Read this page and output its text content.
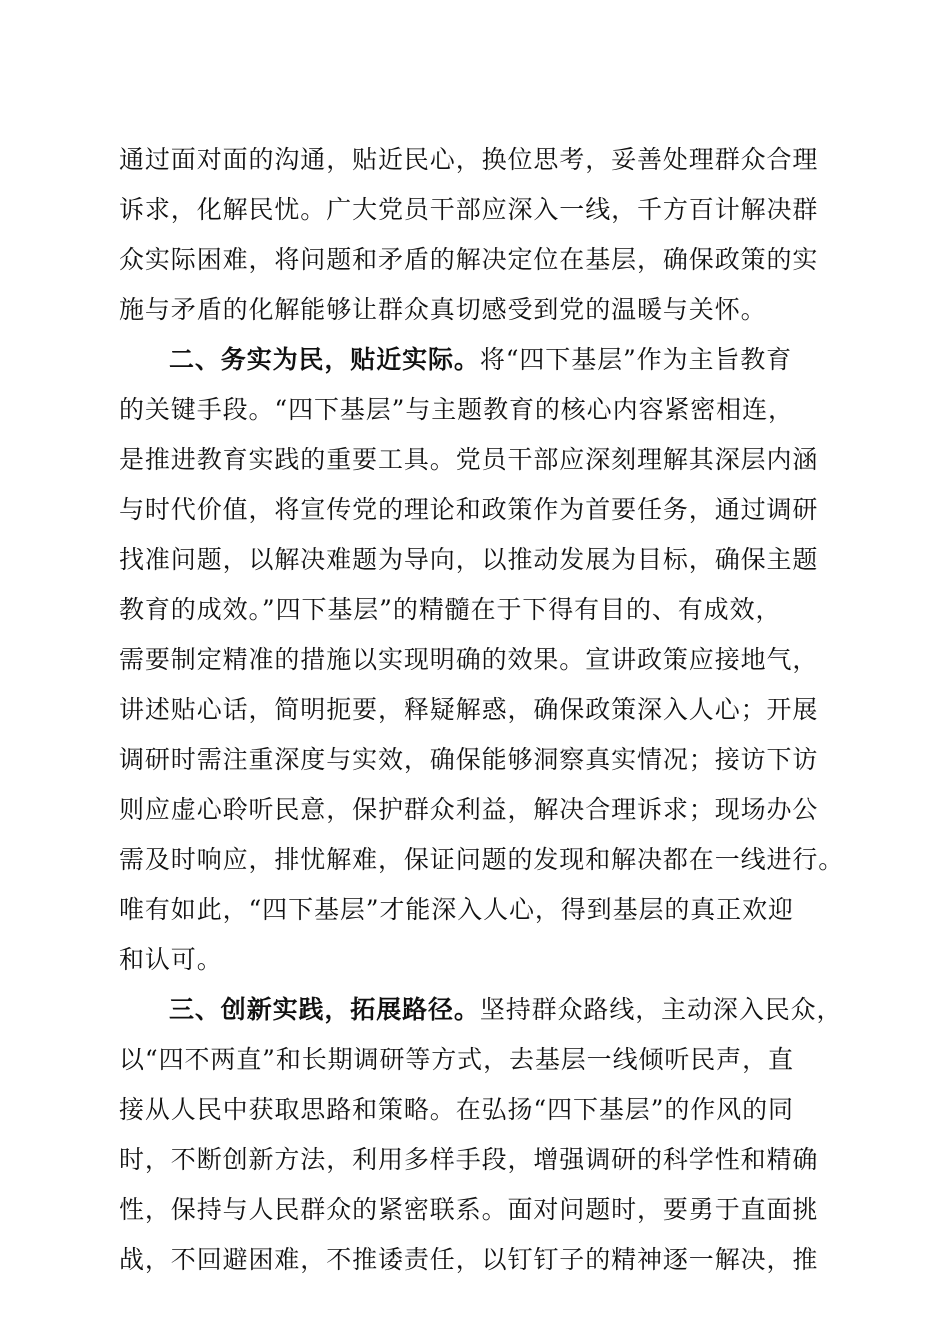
通过面对面的沟通，贴近民心，换位思考，妥善处理群众合理
诉求，化解民忧。广大党员干部应深入一线，千方百计解决群
众实际困难，将问题和矛盾的解决定位在基层，确保政策的实
施与矛盾的化解能够让群众真切感受到党的温暖与关怀。
二、务实为民，贴近实际。将“四下基层”作为主旨教育
的关键手段。“四下基层”与主题教育的核心内容紧密相连，
是推进教育实践的重要工具。党员干部应深刻理解其深层内涵
与时代价值，将宣传党的理论和政策作为首要任务，通过调研
找准问题，以解决难题为导向，以推动发展为目标，确保主题
教育的成效。”四下基层”的精髓在于下得有目的、有成效，
需要制定精准的措施以实现明确的效果。宣讲政策应接地气，
讲述贴心话，简明扼要，释疑解惑，确保政策深入人心；开展
调研时需注重深度与实效，确保能够洞察真实情况；接访下访
则应虚心聆听民意，保护群众利益，解决合理诉求；现场办公
需及时响应，排忧解难，保证问题的发现和解决都在一线进行。
唯有如此，“四下基层”才能深入人心，得到基层的真正欢迎
和认可。
三、创新实践，拓展路径。坚持群众路线，主动深入民众，
以“四不两直”和长期调研等方式，去基层一线倾听民声，直
接从人民中获取思路和策略。在弘扬“四下基层”的作风的同
时，不断创新方法，利用多样手段，增强调研的科学性和精确
性，保持与人民群众的紧密联系。面对问题时，要勇于直面挑
战，不回避困难，不推诿责任，以钉钉子的精神逐一解决，推
